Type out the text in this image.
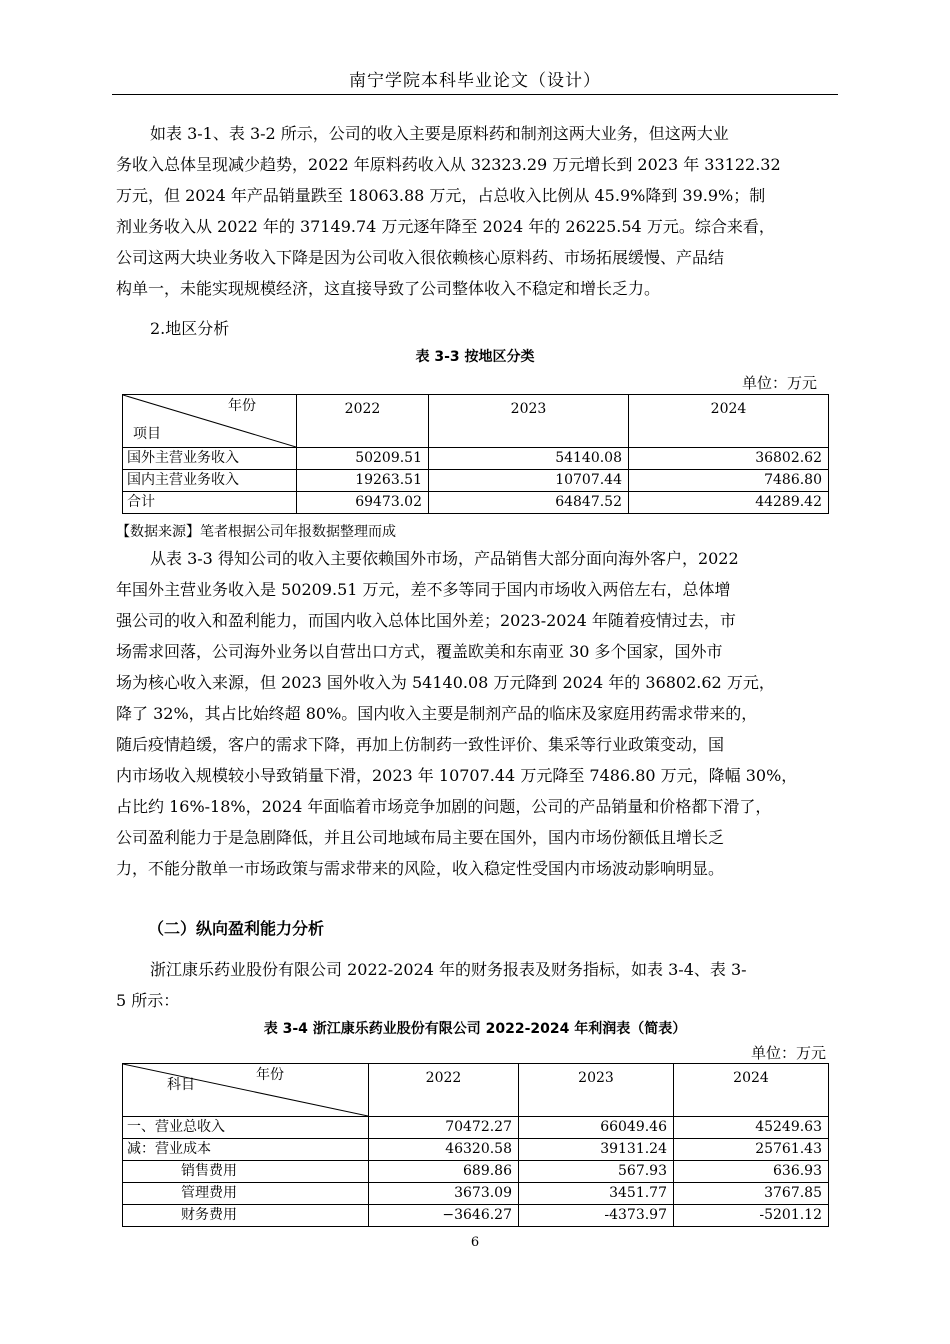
南宁学院本科毕业论文（设计）
如表 3-1、表 3-2 所示，公司的收入主要是原料药和制剂这两大业务，但这两大业
务收入总体呈现减少趋势，2022 年原料药收入从 32323.29 万元增长到 2023 年 33122.32
万元，但 2024 年产品销量跌至 18063.88 万元，占总收入比例从 45.9%降到 39.9%；制
剂业务收入从 2022 年的 37149.74 万元逐年降至 2024 年的 26225.54 万元。综合来看，
公司这两大块业务收入下降是因为公司收入很依赖核心原料药、市场拓展缓慢、产品结
构单一，未能实现规模经济，这直接导致了公司整体收入不稳定和增长乏力。
2.地区分析
表 3-3 按地区分类
单位：万元
年份
项目	2022	2023	2024
国外主营业务收入	50209.51	54140.08	36802.62
国内主营业务收入	19263.51	10707.44	7486.80
合计	69473.02	64847.52	44289.42
【数据来源】笔者根据公司年报数据整理而成
从表 3-3 得知公司的收入主要依赖国外市场，产品销售大部分面向海外客户，2022
年国外主营业务收入是 50209.51 万元，差不多等同于国内市场收入两倍左右，总体增
强公司的收入和盈利能力，而国内收入总体比国外差；2023-2024 年随着疫情过去，市
场需求回落，公司海外业务以自营出口方式，覆盖欧美和东南亚 30 多个国家，国外市
场为核心收入来源，但 2023 国外收入为 54140.08 万元降到 2024 年的 36802.62 万元，
降了 32%，其占比始终超 80%。国内收入主要是制剂产品的临床及家庭用药需求带来的，
随后疫情趋缓，客户的需求下降，再加上仿制药一致性评价、集采等行业政策变动，国
内市场收入规模较小导致销量下滑，2023 年 10707.44 万元降至 7486.80 万元，降幅 30%，
占比约 16%-18%，2024 年面临着市场竞争加剧的问题，公司的产品销量和价格都下滑了，
公司盈利能力于是急剧降低，并且公司地域布局主要在国外，国内市场份额低且增长乏
力，不能分散单一市场政策与需求带来的风险，收入稳定性受国内市场波动影响明显。
（二）纵向盈利能力分析
浙江康乐药业股份有限公司 2022-2024 年的财务报表及财务指标，如表 3-4、表 3-
5 所示：
表 3-4 浙江康乐药业股份有限公司 2022-2024 年利润表（简表）
单位：万元
年份
科目	2022	2023	2024
一、营业总收入	70472.27	66049.46	45249.63
减：营业成本	46320.58	39131.24	25761.43
销售费用	689.86	567.93	636.93
管理费用	3673.09	3451.77	3767.85
财务费用	−3646.27	-4373.97	-5201.12
6
